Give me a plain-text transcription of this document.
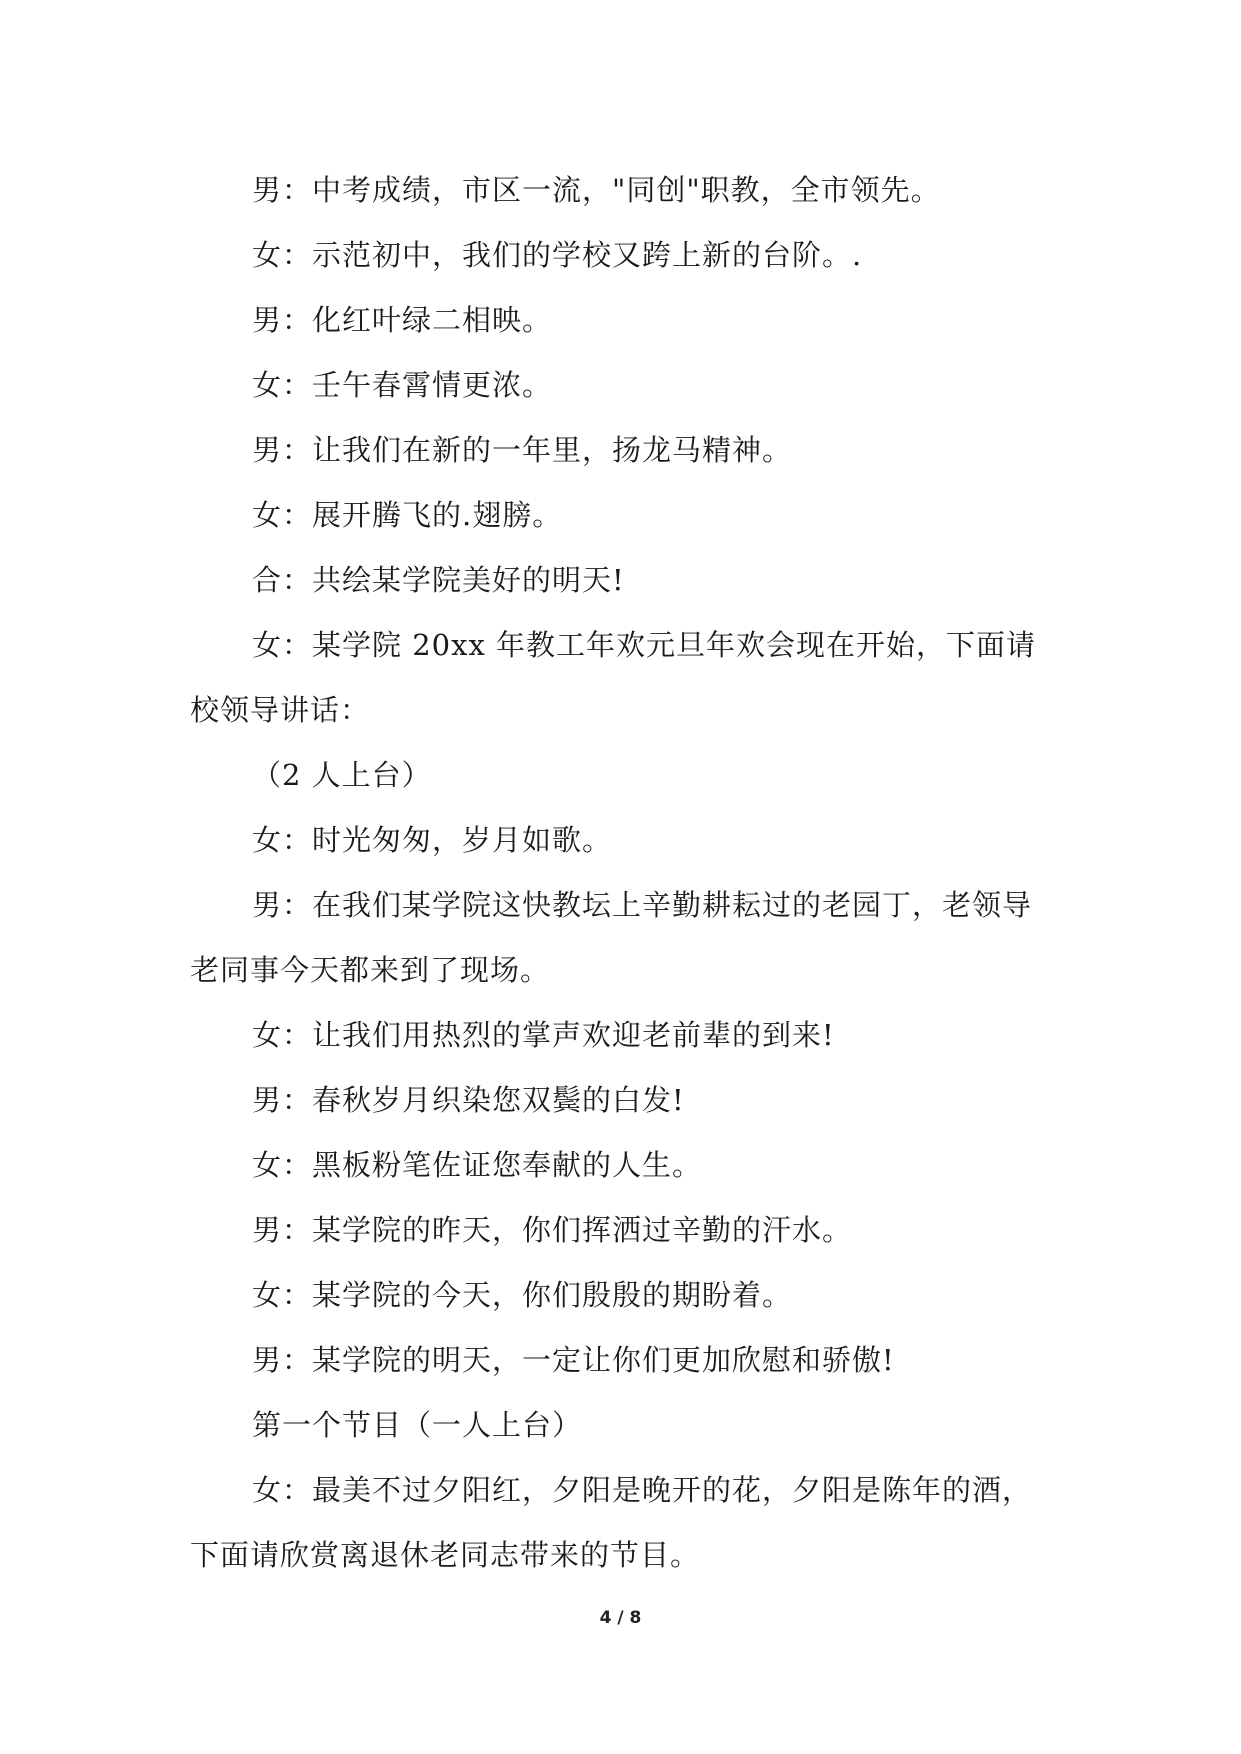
男：中考成绩，市区一流，"同创"职教，全市领先。

女：示范初中，我们的学校又跨上新的台阶。.

男：化红叶绿二相映。

女：壬午春霄情更浓。

男：让我们在新的一年里，扬龙马精神。

女：展开腾飞的.翅膀。

合：共绘某学院美好的明天!

女：某学院 20xx 年教工年欢元旦年欢会现在开始，下面请校领导讲话：

（2 人上台）

女：时光匆匆，岁月如歌。

男：在我们某学院这快教坛上辛勤耕耘过的老园丁，老领导老同事今天都来到了现场。

女：让我们用热烈的掌声欢迎老前辈的到来!

男：春秋岁月织染您双鬓的白发!

女：黑板粉笔佐证您奉献的人生。

男：某学院的昨天，你们挥洒过辛勤的汗水。

女：某学院的今天，你们殷殷的期盼着。

男：某学院的明天，一定让你们更加欣慰和骄傲!

第一个节目（一人上台）

女：最美不过夕阳红，夕阳是晚开的花，夕阳是陈年的酒，下面请欣赏离退休老同志带来的节目。

4 / 8
